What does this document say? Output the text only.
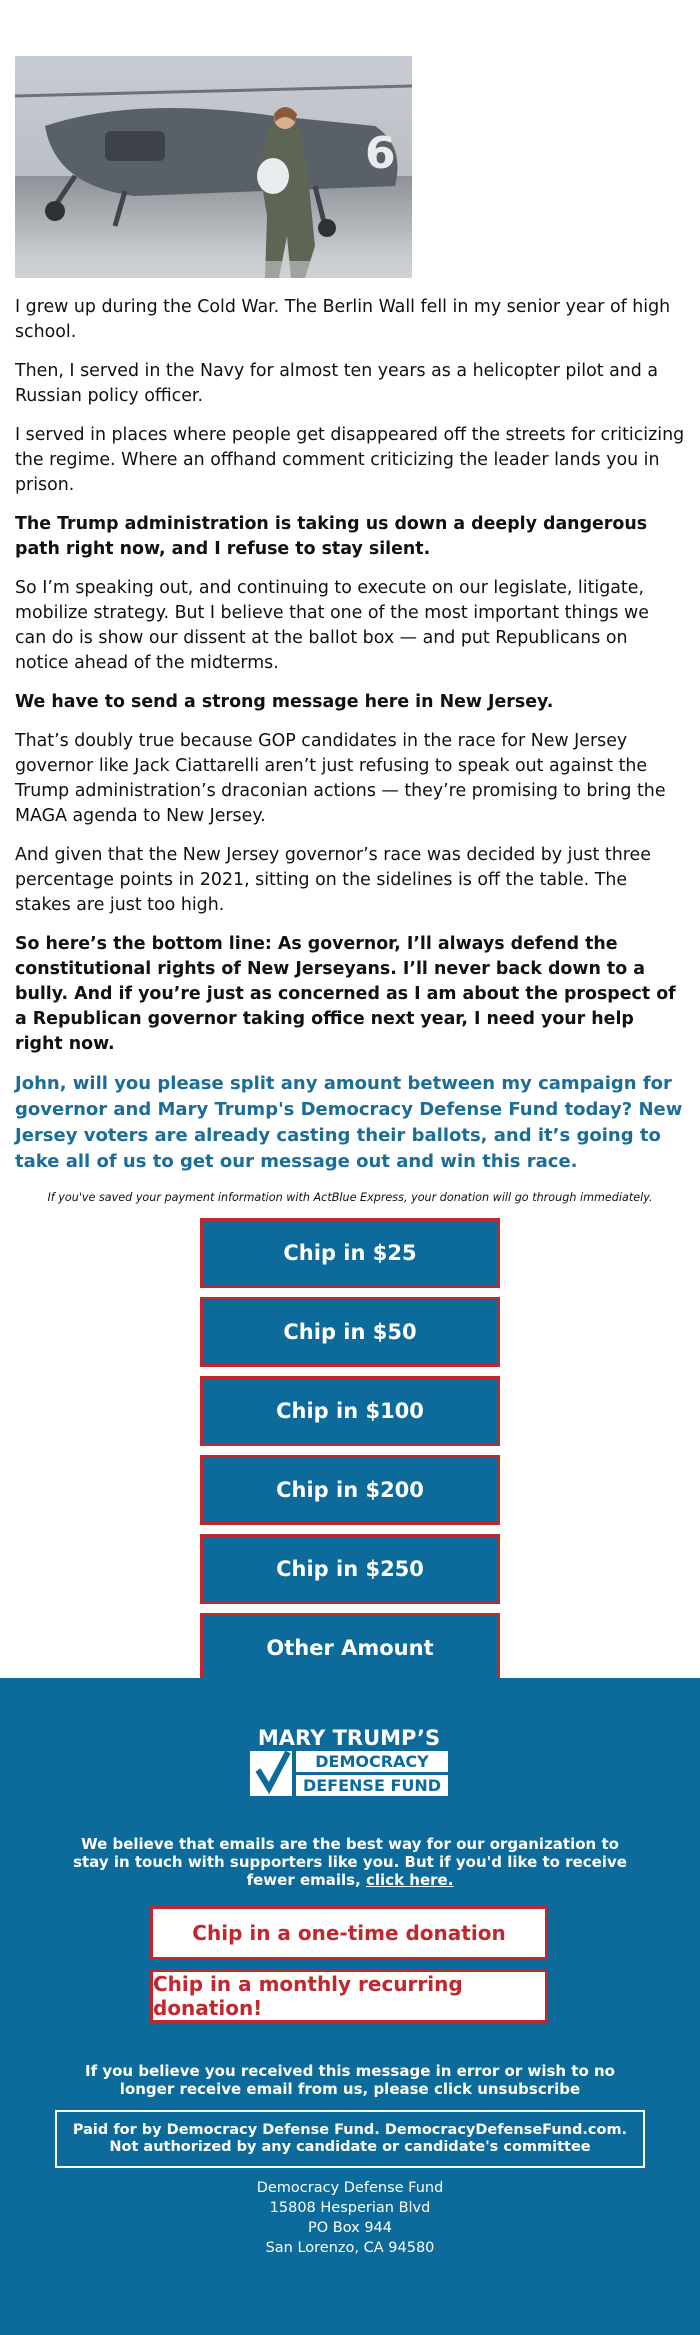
6

I grew up during the Cold War. The Berlin Wall fell in my senior year of high school.

Then, I served in the Navy for almost ten years as a helicopter pilot and a Russian policy officer.

I served in places where people get disappeared off the streets for criticizing the regime. Where an offhand comment criticizing the leader lands you in prison.

The Trump administration is taking us down a deeply dangerous path right now, and I refuse to stay silent.

So I’m speaking out, and continuing to execute on our legislate, litigate, mobilize strategy. But I believe that one of the most important things we can do is show our dissent at the ballot box — and put Republicans on notice ahead of the midterms.

We have to send a strong message here in New Jersey.

That’s doubly true because GOP candidates in the race for New Jersey governor like Jack Ciattarelli aren’t just refusing to speak out against the Trump administration’s draconian actions — they’re promising to bring the MAGA agenda to New Jersey.

And given that the New Jersey governor’s race was decided by just three percentage points in 2021, sitting on the sidelines is off the table. The stakes are just too high.

So here’s the bottom line: As governor, I’ll always defend the constitutional rights of New Jerseyans. I’ll never back down to a bully. And if you’re just as concerned as I am about the prospect of a Republican governor taking office next year, I need your help right now.

John, will you please split any amount between my campaign for governor and Mary Trump's Democracy Defense Fund today? New Jersey voters are already casting their ballots, and it’s going to take all of us to get our message out and win this race.

If you've saved your payment information with ActBlue Express, your donation will go through immediately.

Chip in $25
Chip in $50
Chip in $100
Chip in $200
Chip in $250
Other Amount

MARY TRUMP’S
DEMOCRACY
DEFENSE FUND
We believe that emails are the best way for our organization to stay in touch with supporters like you. But if you'd like to receive fewer emails, click here.
Chip in a one-time donation
Chip in a monthly recurring donation!
If you believe you received this message in error or wish to no longer receive email from us, please click unsubscribe
Paid for by Democracy Defense Fund. DemocracyDefenseFund.com. Not authorized by any candidate or candidate's committee
Democracy Defense Fund
15808 Hesperian Blvd
PO Box 944
San Lorenzo, CA 94580
